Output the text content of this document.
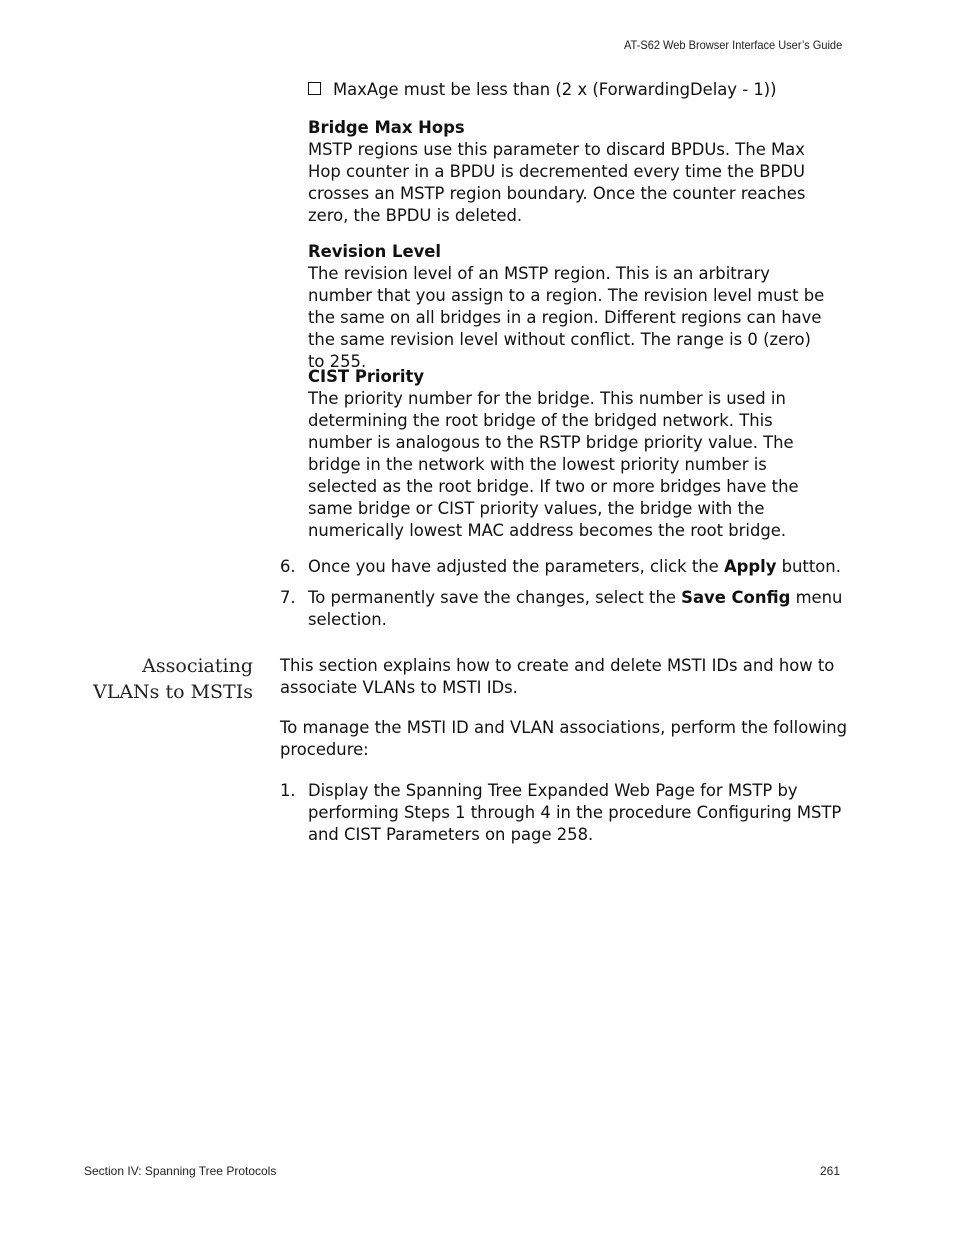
AT-S62 Web Browser Interface User’s Guide
MaxAge must be less than (2 x (ForwardingDelay - 1))
Bridge Max Hops

MSTP regions use this parameter to discard BPDUs. The Max Hop counter in a BPDU is decremented every time the BPDU crosses an MSTP region boundary. Once the counter reaches zero, the BPDU is deleted.

Revision Level

The revision level of an MSTP region. This is an arbitrary number that you assign to a region. The revision level must be the same on all bridges in a region. Different regions can have the same revision level without conflict. The range is 0 (zero) to 255.

CIST Priority

The priority number for the bridge. This number is used in determining the root bridge of the bridged network. This number is analogous to the RSTP bridge priority value. The bridge in the network with the lowest priority number is selected as the root bridge. If two or more bridges have the same bridge or CIST priority values, the bridge with the numerically lowest MAC address becomes the root bridge.

6. Once you have adjusted the parameters, click the Apply button.
7. To permanently save the changes, select the Save Config menu selection.
Associating
VLANs to MSTIs

This section explains how to create and delete MSTI IDs and how to associate VLANs to MSTI IDs.

To manage the MSTI ID and VLAN associations, perform the following procedure:

1. Display the Spanning Tree Expanded Web Page for MSTP by performing Steps 1 through 4 in the procedure Configuring MSTP and CIST Parameters on page 258.
Section IV: Spanning Tree Protocols	261
